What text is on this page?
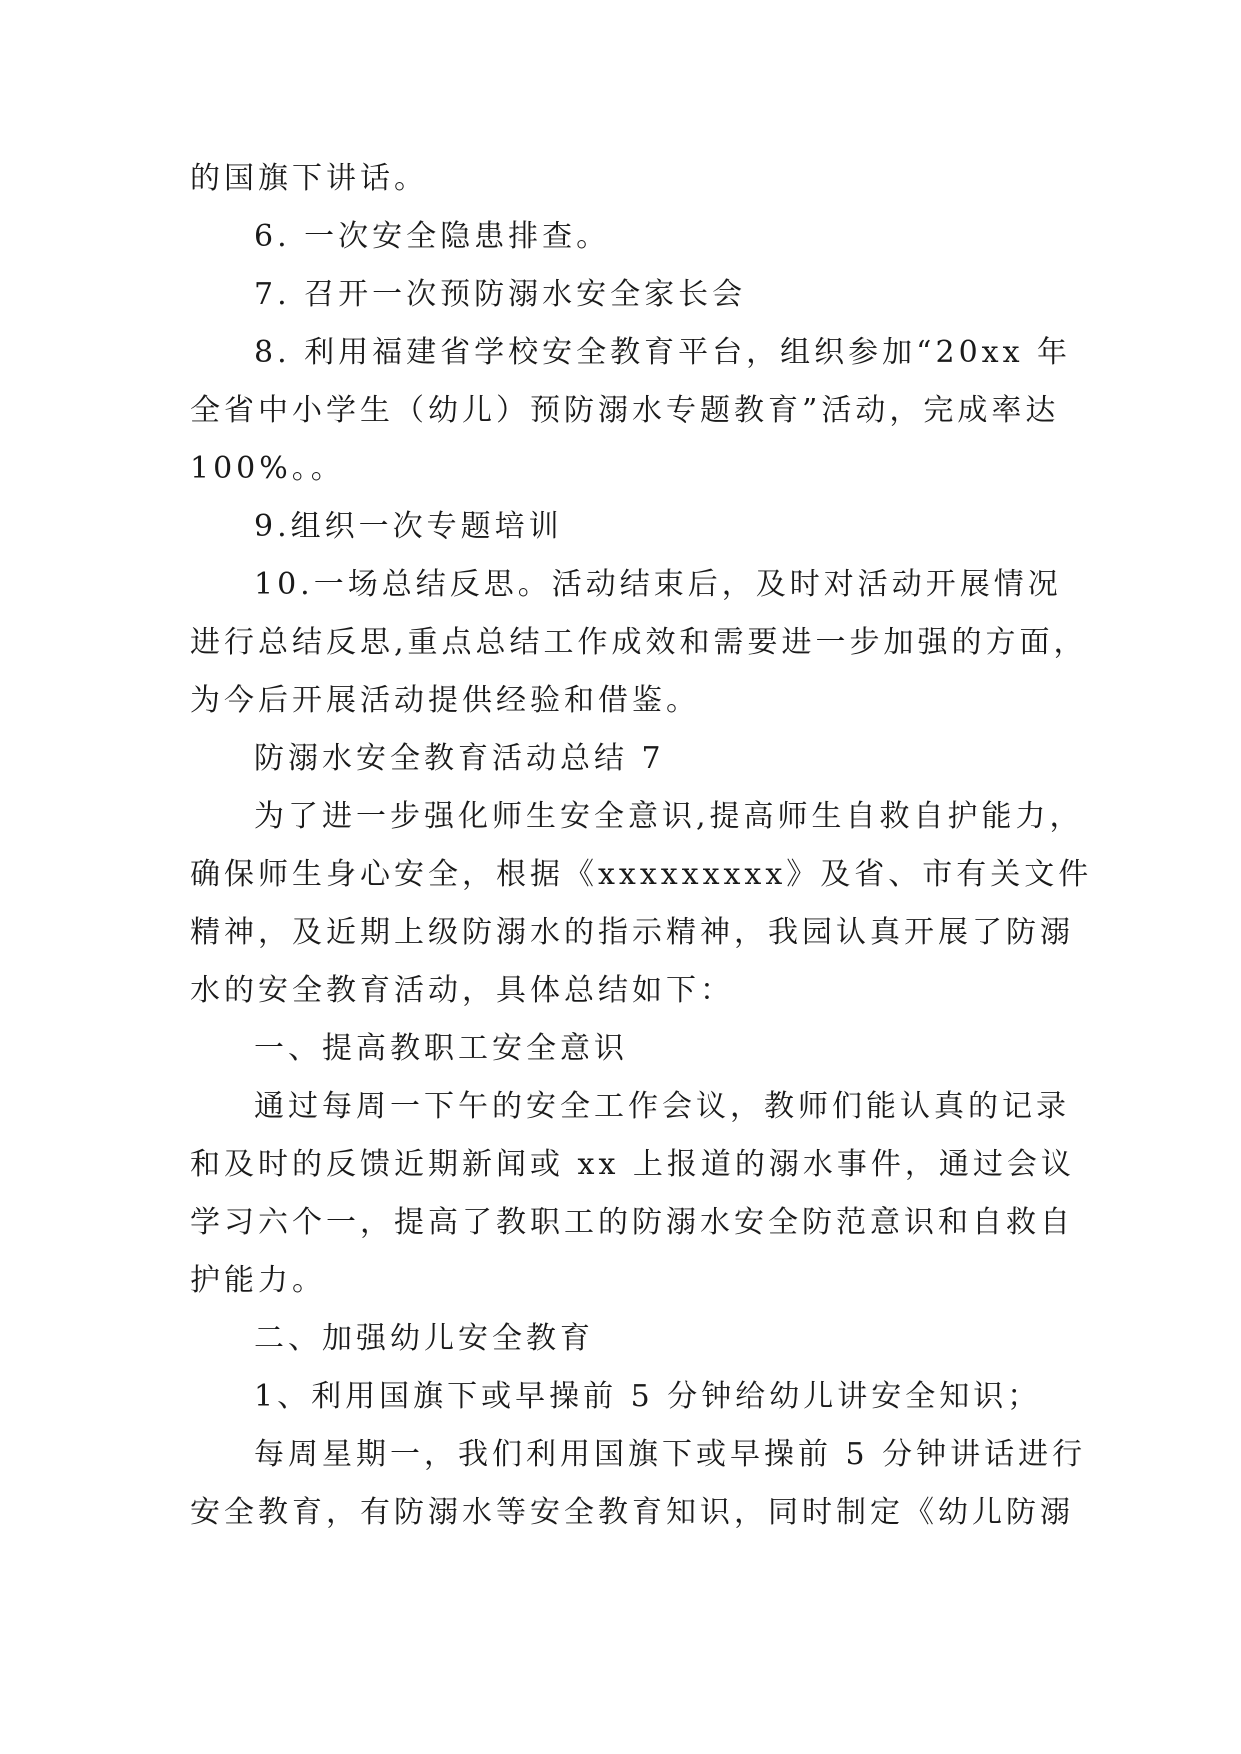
的国旗下讲话。
6. 一次安全隐患排查。
7. 召开一次预防溺水安全家长会
8. 利用福建省学校安全教育平台，组织参加“20xx 年
全省中小学生（幼儿）预防溺水专题教育”活动，完成率达
100%。。
9.组织一次专题培训
10.一场总结反思。活动结束后，及时对活动开展情况
进行总结反思,重点总结工作成效和需要进一步加强的方面，
为今后开展活动提供经验和借鉴。
防溺水安全教育活动总结 7
为了进一步强化师生安全意识,提高师生自救自护能力，
确保师生身心安全，根据《xxxxxxxxx》及省、市有关文件
精神，及近期上级防溺水的指示精神，我园认真开展了防溺
水的安全教育活动，具体总结如下：
一、提高教职工安全意识
通过每周一下午的安全工作会议，教师们能认真的记录
和及时的反馈近期新闻或 xx 上报道的溺水事件，通过会议
学习六个一，提高了教职工的防溺水安全防范意识和自救自
护能力。
二、加强幼儿安全教育
1、利用国旗下或早操前 5 分钟给幼儿讲安全知识；
每周星期一，我们利用国旗下或早操前 5 分钟讲话进行
安全教育，有防溺水等安全教育知识，同时制定《幼儿防溺
